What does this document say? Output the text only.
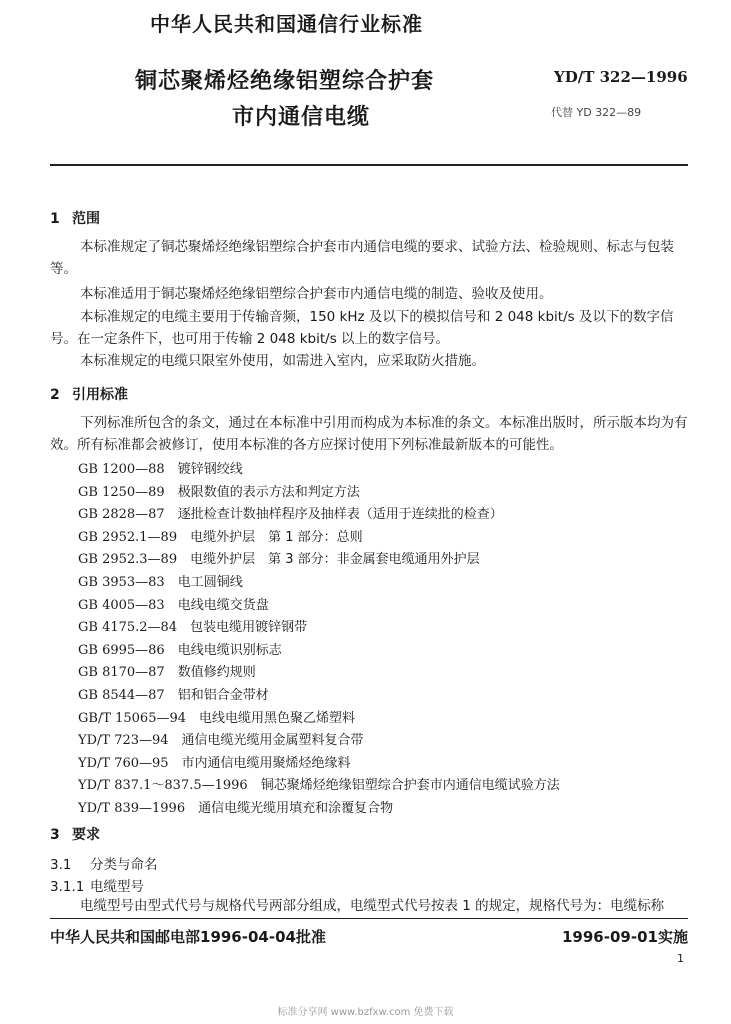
中华人民共和国通信行业标准
铜芯聚烯烃绝缘铝塑综合护套
市内通信电缆
YD/T 322—1996
代替 YD 322—89
1 范围
本标准规定了铜芯聚烯烃绝缘铝塑综合护套市内通信电缆的要求、试验方法、检验规则、标志与包装等。
本标准适用于铜芯聚烯烃绝缘铝塑综合护套市内通信电缆的制造、验收及使用。
本标准规定的电缆主要用于传输音频，150 kHz 及以下的模拟信号和 2 048 kbit/s 及以下的数字信号。在一定条件下，也可用于传输 2 048 kbit/s 以上的数字信号。
本标准规定的电缆只限室外使用，如需进入室内，应采取防火措施。
2 引用标准
下列标准所包含的条文，通过在本标准中引用而构成为本标准的条文。本标准出版时，所示版本均为有效。所有标准都会被修订，使用本标准的各方应探讨使用下列标准最新版本的可能性。
GB 1200—88  镀锌钢绞线
GB 1250—89  极限数值的表示方法和判定方法
GB 2828—87  逐批检查计数抽样程序及抽样表（适用于连续批的检查）
GB 2952.1—89  电缆外护层　第 1 部分：总则
GB 2952.3—89  电缆外护层　第 3 部分：非金属套电缆通用外护层
GB 3953—83  电工圆铜线
GB 4005—83  电线电缆交货盘
GB 4175.2—84  包装电缆用镀锌钢带
GB 6995—86  电线电缆识别标志
GB 8170—87  数值修约规则
GB 8544—87  铝和铝合金带材
GB/T 15065—94  电线电缆用黑色聚乙烯塑料
YD/T 723—94  通信电缆光缆用金属塑料复合带
YD/T 760—95  市内通信电缆用聚烯烃绝缘料
YD/T 837.1～837.5—1996  铜芯聚烯烃绝缘铝塑综合护套市内通信电缆试验方法
YD/T 839—1996  通信电缆光缆用填充和涂覆复合物
3 要求
3.1 分类与命名
3.1.1 电缆型号
电缆型号由型式代号与规格代号两部分组成，电缆型式代号按表 1 的规定，规格代号为：电缆标称
中华人民共和国邮电部1996-04-04批准	1996-09-01实施
1
标准分享网 www.bzfxw.com 免费下载
